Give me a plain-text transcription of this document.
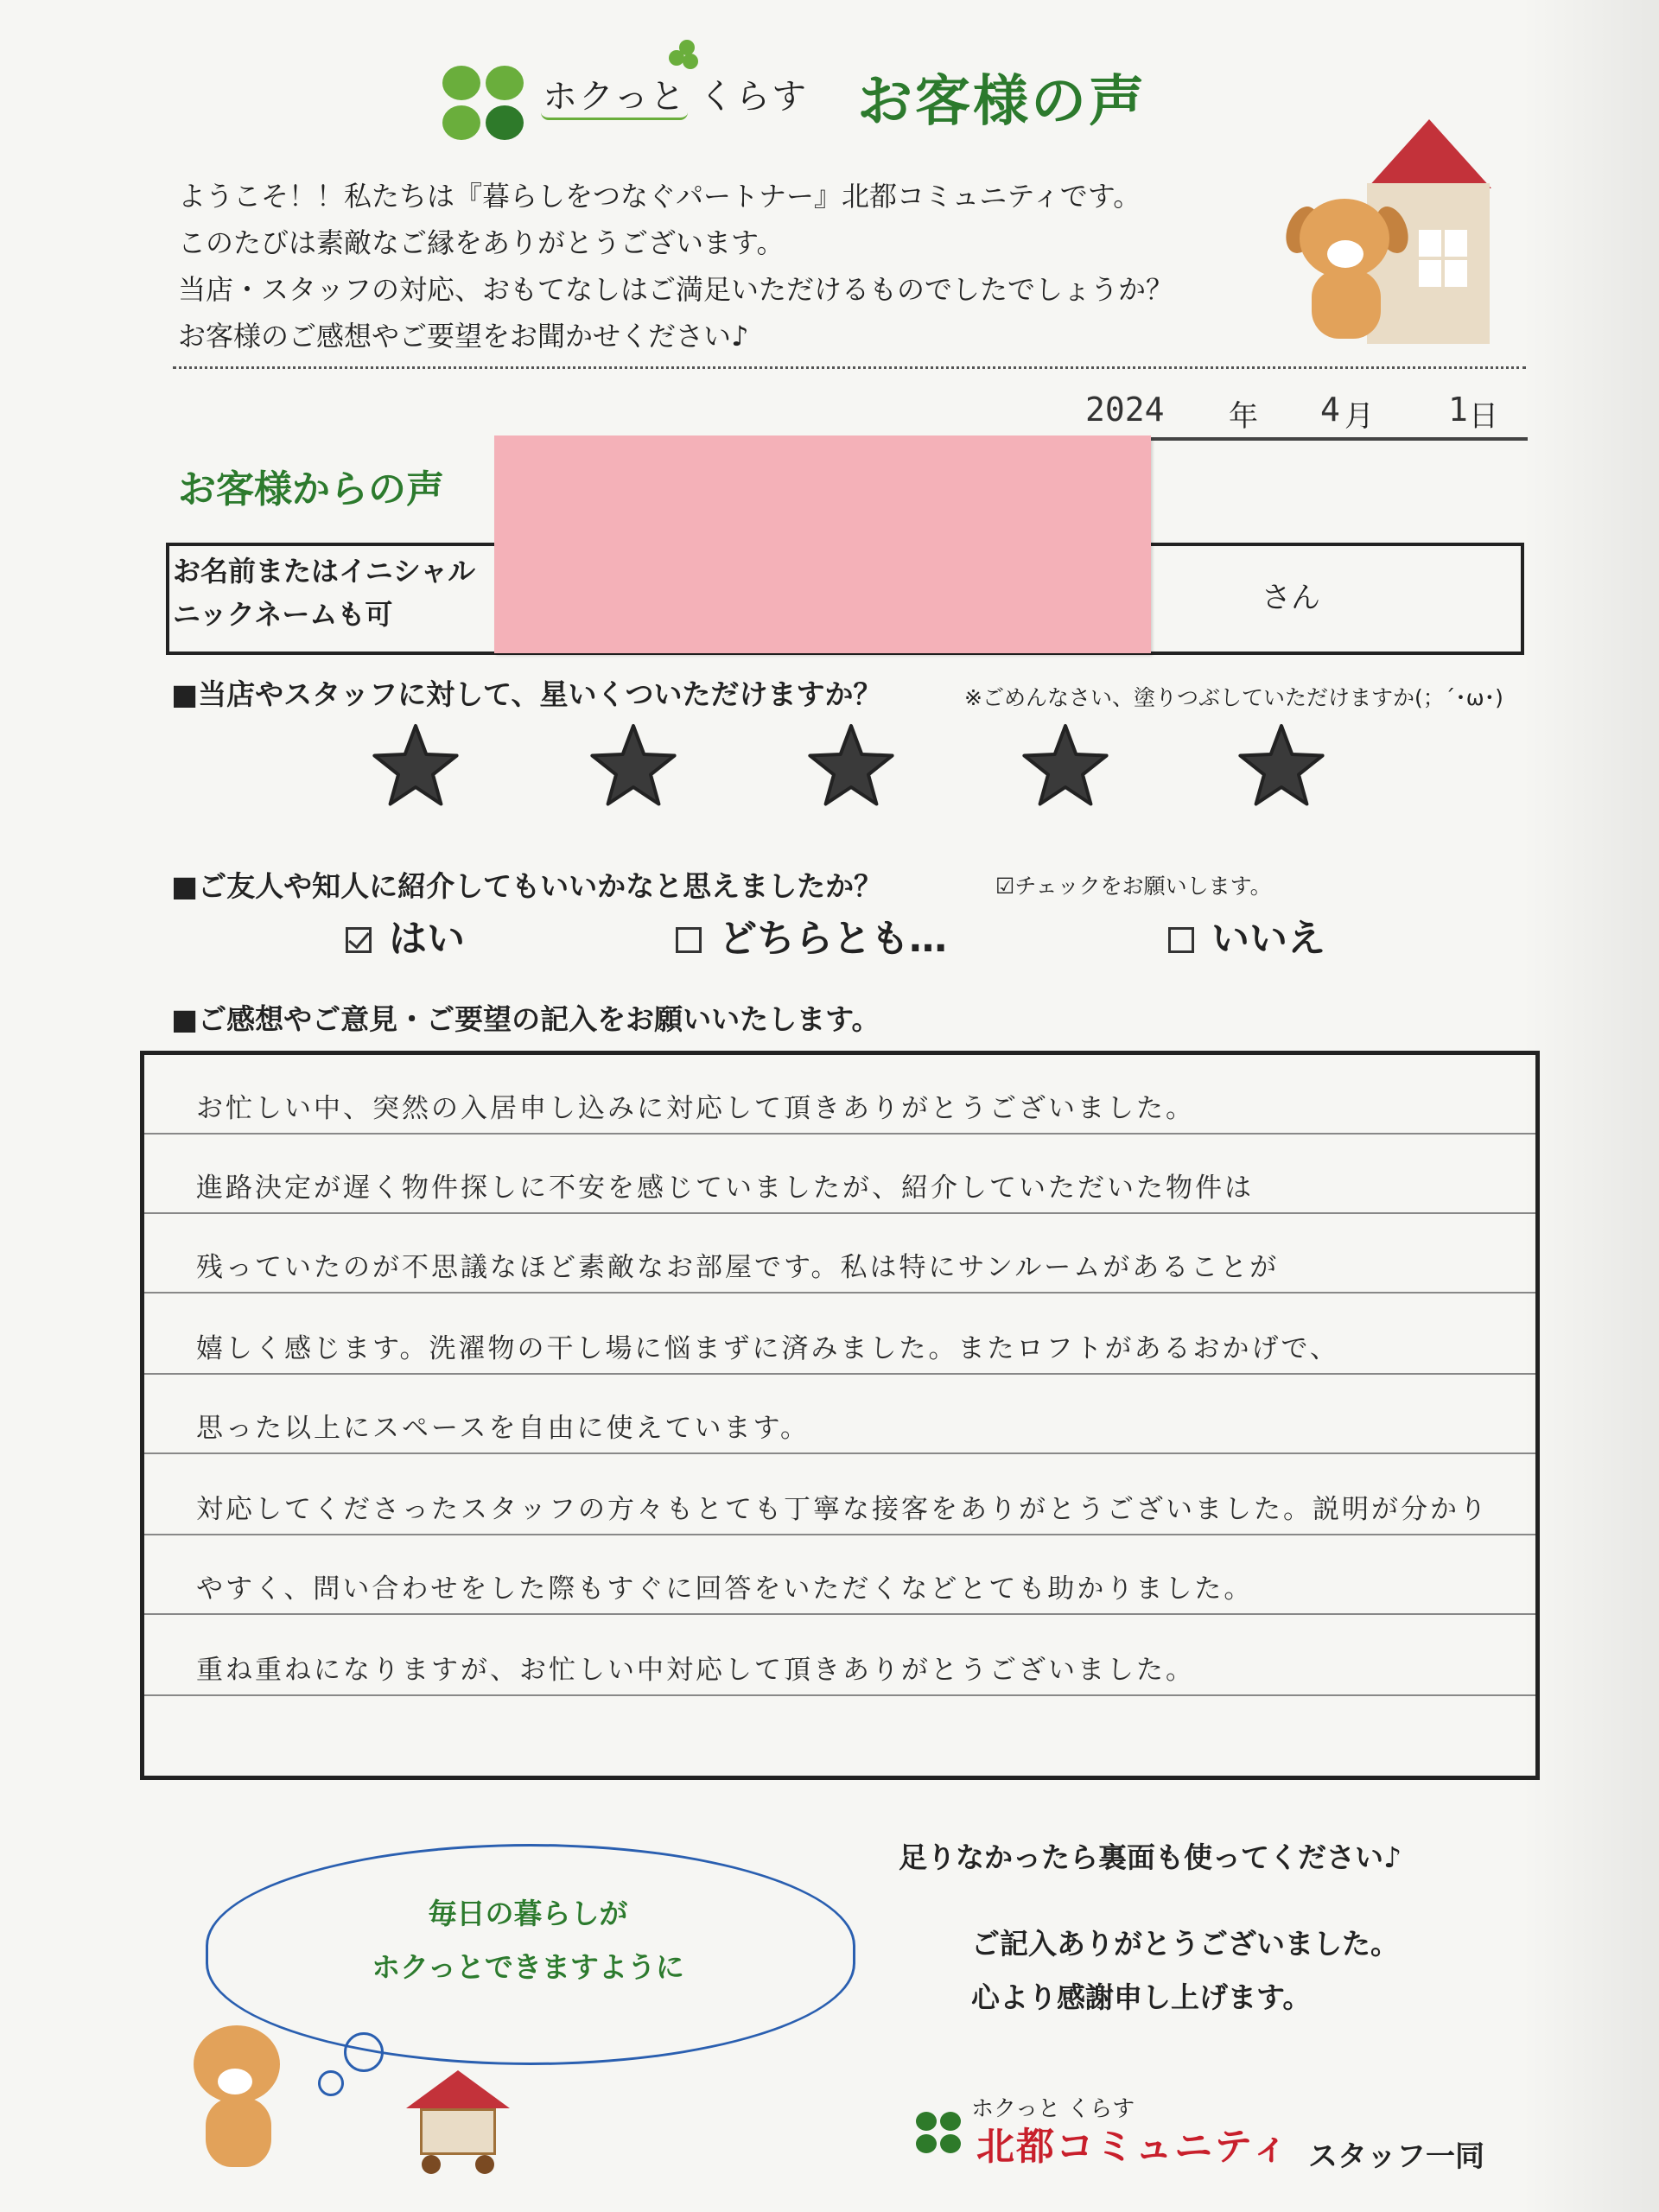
ホクっと くらす お客様の声
ようこそ！！私たちは『暮らしをつなぐパートナー』北都コミュニティです。
このたびは素敵なご縁をありがとうございます。
当店・スタッフの対応、おもてなしはご満足いただけるものでしたでしょうか？
お客様のご感想やご要望をお聞かせください♪
2024 年 4 月 1 日
お客様からの声
お名前またはイニシャル
ニックネームも可	さん
■当店やスタッフに対して、星いくついただけますか？	※ごめんなさい、塗りつぶしていただけますか(；´･ω･)
■ご友人や知人に紹介してもいいかなと思えましたか？	☑チェックをお願いします。
はい	どちらとも…	いいえ
■ご感想やご意見・ご要望の記入をお願いいたします。
お忙しい中、突然の入居申し込みに対応して頂きありがとうございました。
進路決定が遅く物件探しに不安を感じていましたが、紹介していただいた物件は
残っていたのが不思議なほど素敵なお部屋です。私は特にサンルームがあることが
嬉しく感じます。洗濯物の干し場に悩まずに済みました。またロフトがあるおかげで、
思った以上にスペースを自由に使えています。
対応してくださったスタッフの方々もとても丁寧な接客をありがとうございました。説明が分かり
やすく、問い合わせをした際もすぐに回答をいただくなどとても助かりました。
重ね重ねになりますが、お忙しい中対応して頂きありがとうございました。
毎日の暮らしが
ホクっとできますように
足りなかったら裏面も使ってください♪
ご記入ありがとうございました。
心より感謝申し上げます。
ホクっと くらす
北都コミュニティ スタッフ一同
